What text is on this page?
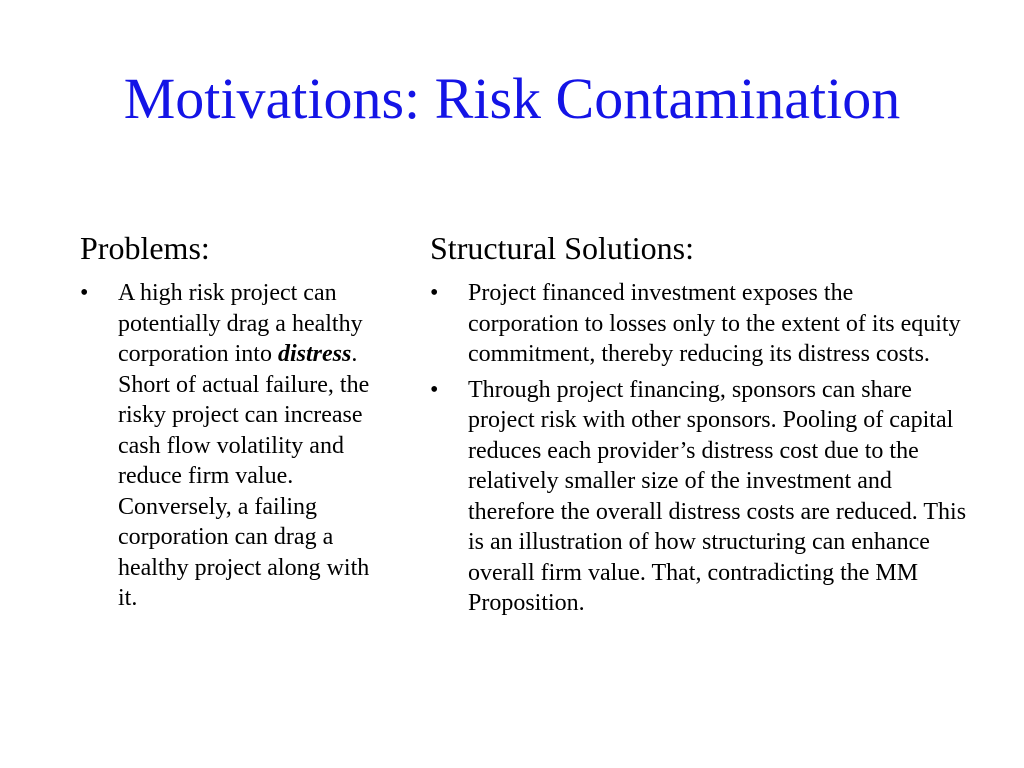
Motivations: Risk Contamination
Problems:
•	A high risk project can potentially drag a healthy corporation into distress. Short of actual failure, the risky project can increase cash flow volatility and reduce firm value. Conversely, a failing corporation can drag a healthy project along with it.
Structural Solutions:
•	Project financed investment exposes the corporation to losses only to the extent of its equity commitment, thereby reducing its distress costs.
•	Through project financing, sponsors can share project risk with other sponsors. Pooling of capital reduces each provider’s distress cost due to the relatively smaller size of the investment and therefore the overall distress costs are reduced. This is an illustration of how structuring can enhance overall firm value. That, contradicting the MM Proposition.
